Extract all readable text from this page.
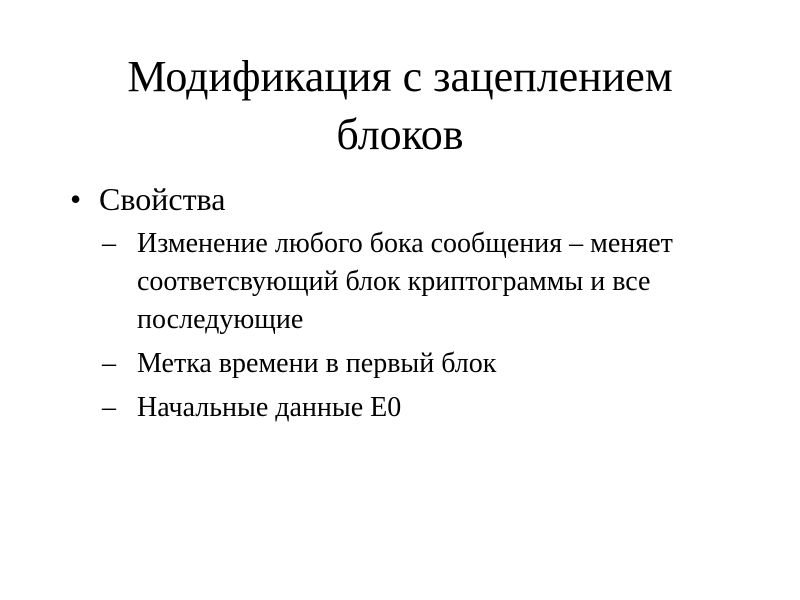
Модификация с зацеплением
блоков
• Свойства
– Изменение любого бока сообщения – меняет соответсвующий блок криптограммы и все последующие
– Метка времени в первый блок
– Начальные данные E0
